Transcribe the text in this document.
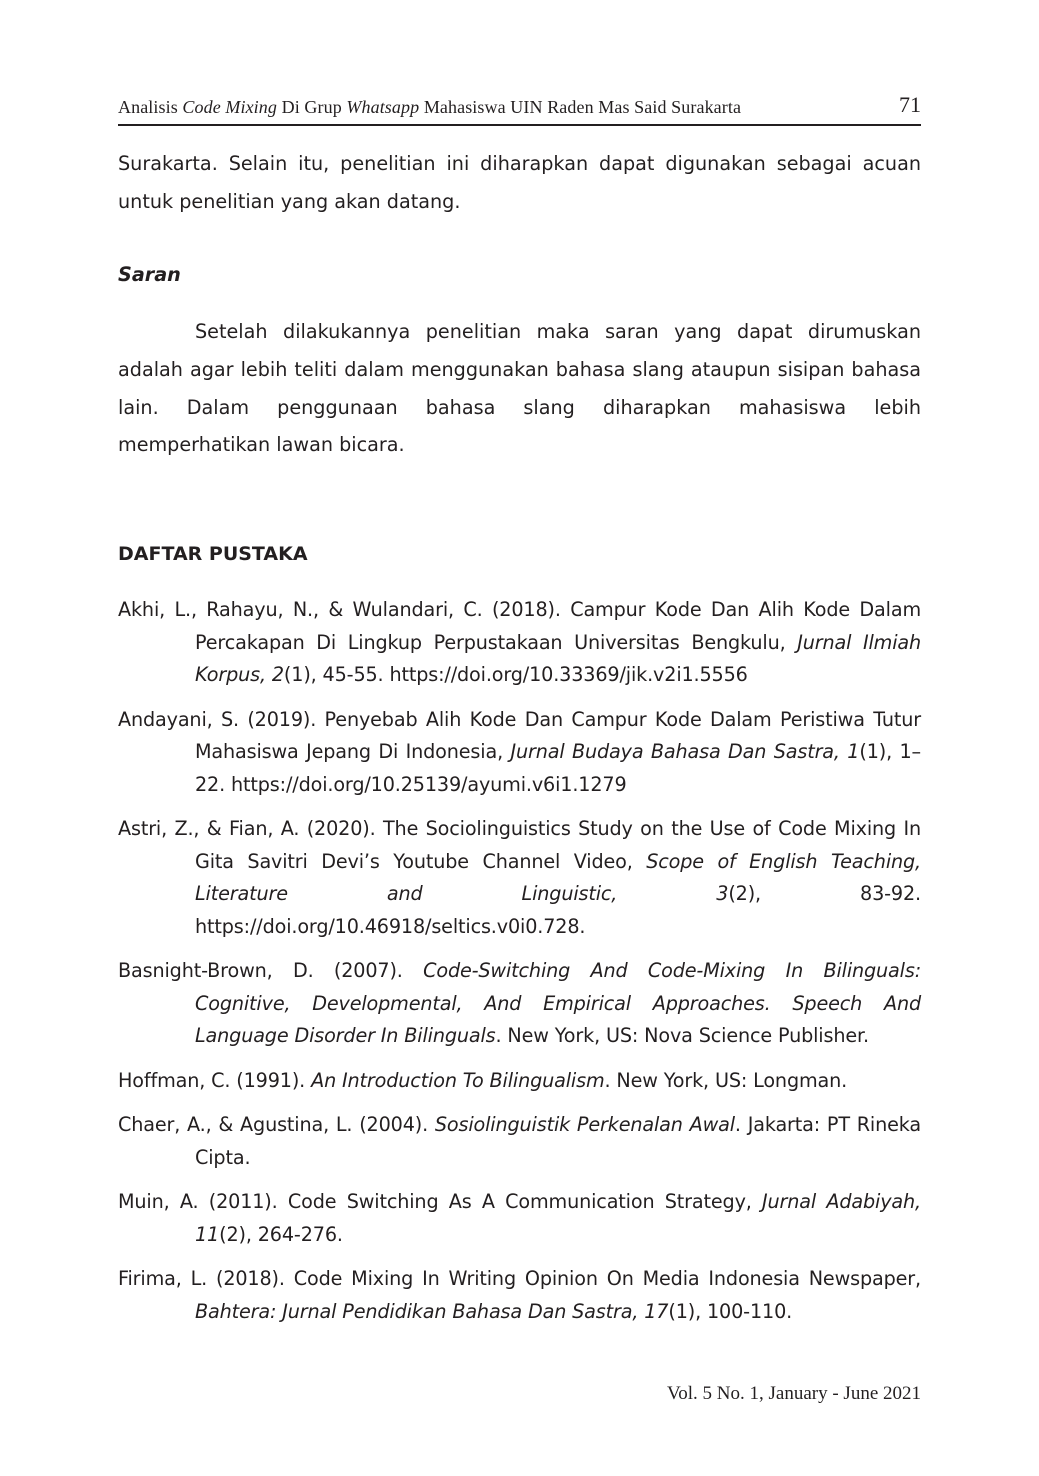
Analisis Code Mixing Di Grup Whatsapp Mahasiswa UIN Raden Mas Said Surakarta	71

Surakarta. Selain itu, penelitian ini diharapkan dapat digunakan sebagai acuan untuk penelitian yang akan datang.

Saran

Setelah dilakukannya penelitian maka saran yang dapat dirumuskan adalah agar lebih teliti dalam menggunakan bahasa slang ataupun sisipan bahasa lain. Dalam penggunaan bahasa slang diharapkan mahasiswa lebih memperhatikan lawan bicara.

DAFTAR PUSTAKA
Akhi, L., Rahayu, N., & Wulandari, C. (2018). Campur Kode Dan Alih Kode Dalam Percakapan Di Lingkup Perpustakaan Universitas Bengkulu, Jurnal Ilmiah Korpus, 2(1), 45-55. https://doi.org/10.33369/jik.v2i1.5556
Andayani, S. (2019). Penyebab Alih Kode Dan Campur Kode Dalam Peristiwa Tutur Mahasiswa Jepang Di Indonesia, Jurnal Budaya Bahasa Dan Sastra, 1(1), 1–22. https://doi.org/10.25139/ayumi.v6i1.1279
Astri, Z., & Fian, A. (2020). The Sociolinguistics Study on the Use of Code Mixing In Gita Savitri Devi’s Youtube Channel Video, Scope of English Teaching, Literature and Linguistic, 3(2), 83-92. https://doi.org/10.46918/seltics.v0i0.728.
Basnight-Brown, D. (2007). Code-Switching And Code-Mixing In Bilinguals: Cognitive, Developmental, And Empirical Approaches. Speech And Language Disorder In Bilinguals. New York, US: Nova Science Publisher.
Hoffman, C. (1991). An Introduction To Bilingualism. New York, US: Longman.
Chaer, A., & Agustina, L. (2004). Sosiolinguistik Perkenalan Awal. Jakarta: PT Rineka Cipta.
Muin, A. (2011). Code Switching As A Communication Strategy, Jurnal Adabiyah, 11(2), 264-276.
Firima, L. (2018). Code Mixing In Writing Opinion On Media Indonesia Newspaper, Bahtera: Jurnal Pendidikan Bahasa Dan Sastra, 17(1), 100-110.
Vol. 5 No. 1, January - June 2021
